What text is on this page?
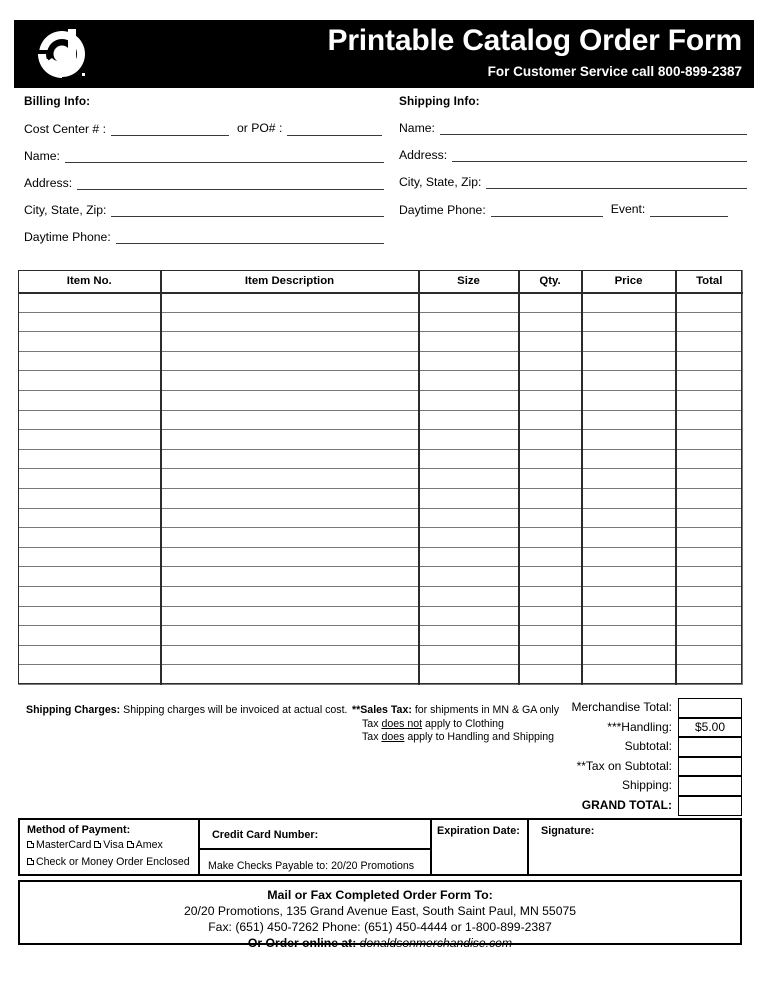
Printable Catalog Order Form
For Customer Service call 800-899-2387
Billing Info:
Cost Center # :	or PO# :
Name:
Address:
City, State, Zip:
Daytime Phone:
Shipping Info:
Name:
Address:
City, State, Zip:
Daytime Phone:	Event:
Item No.	Item Description	Size	Qty.	Price	Total

Shipping Charges: Shipping charges will be invoiced at actual cost. **Sales Tax: for shipments in MN & GA only
Tax does not apply to Clothing
Tax does apply to Handling and Shipping
Merchandise Total:
***Handling:	$5.00
Subtotal:
**Tax on Subtotal:
Shipping:
GRAND TOTAL:
Method of Payment:
MasterCard Visa Amex
Check or Money Order Enclosed
Credit Card Number:
Make Checks Payable to: 20/20 Promotions
Expiration Date:	Signature:
Mail or Fax Completed Order Form To:
20/20 Promotions, 135 Grand Avenue East, South Saint Paul, MN 55075
Fax: (651) 450-7262 Phone: (651) 450-4444 or 1-800-899-2387
Or Order online at: donaldsonmerchandise.com
